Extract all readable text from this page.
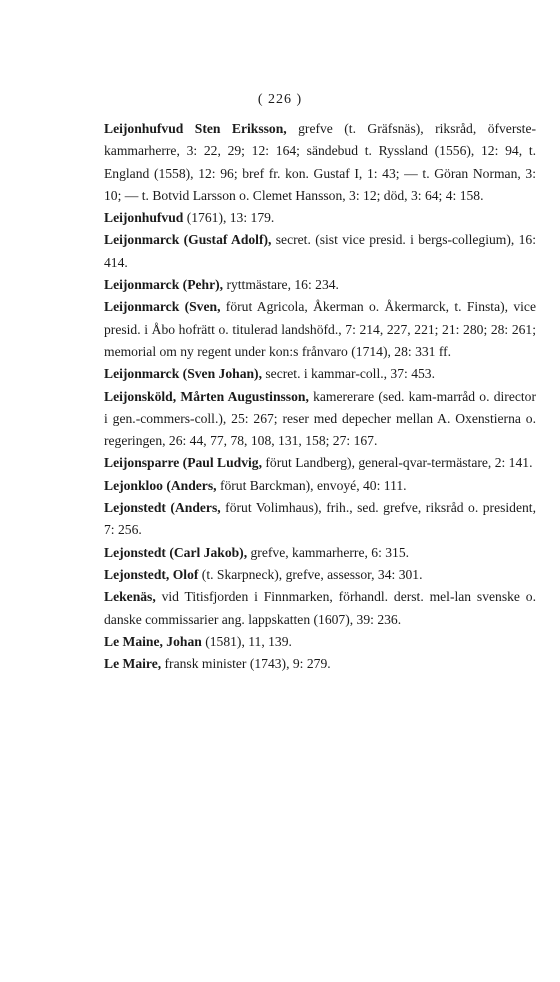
( 226 )
Leijonhufvud Sten Eriksson, grefve (t. Gräfsnäs), riksråd, öfverste-kammarherre, 3: 22, 29; 12: 164; sändebud t. Ryssland (1556), 12: 94, t. England (1558), 12: 96; bref fr. kon. Gustaf I, 1: 43; — t. Göran Norman, 3: 10; — t. Botvid Larsson o. Clemet Hansson, 3: 12; död, 3: 64; 4: 158.
Leijonhufvud (1761), 13: 179.
Leijonmarck (Gustaf Adolf), secret. (sist vice presid. i bergs-collegium), 16: 414.
Leijonmarck (Pehr), ryttmästare, 16: 234.
Leijonmarck (Sven, förut Agricola, Åkerman o. Åkermarck, t. Finsta), vice presid. i Åbo hofrätt o. titulerad landshöfd., 7: 214, 227, 221; 21: 280; 28: 261; memorial om ny regent under kon:s frånvaro (1714), 28: 331 ff.
Leijonmarck (Sven Johan), secret. i kammar-coll., 37: 453.
Leijonsköld, Mårten Augustinsson, kamererare (sed. kam-marråd o. director i gen.-commers-coll.), 25: 267; reser med depecher mellan A. Oxenstierna o. regeringen, 26: 44, 77, 78, 108, 131, 158; 27: 167.
Leijonsparre (Paul Ludvig, förut Landberg), general-qvar-termästare, 2: 141.
Lejonkloo (Anders, förut Barckman), envoyé, 40: 111.
Lejonstedt (Anders, förut Volimhaus), frih., sed. grefve, riksråd o. president, 7: 256.
Lejonstedt (Carl Jakob), grefve, kammarherre, 6: 315.
Lejonstedt, Olof (t. Skarpneck), grefve, assessor, 34: 301.
Lekenäs, vid Titisfjorden i Finnmarken, förhandl. derst. mel-lan svenske o. danske commissarier ang. lappskatten (1607), 39: 236.
Le Maine, Johan (1581), 11, 139.
Le Maire, fransk minister (1743), 9: 279.
